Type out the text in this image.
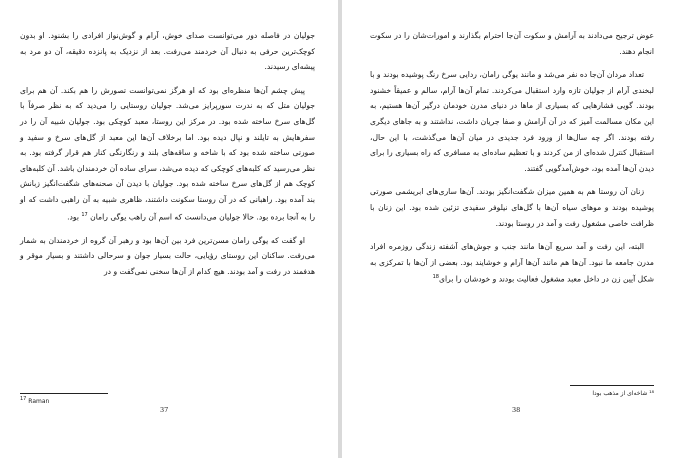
جولیان در فاصله دور می‌توانست صدای خوش، آرام و گوش‌نواز افرادی را بشنود. او بدون کوچک‌ترین حرفی به دنبال آن خردمند می‌رفت. بعد از نزدیک به پانزده دقیقه، آن دو مرد به پیشه‌ای رسیدند.

پیش چشم آن‌ها منظره‌ای بود که او هرگز نمی‌توانست تصورش را هم بکند. آن هم برای جولیان متل که به ندرت سورپرایز می‌شد. جولیان روستایی را می‌دید که به نظر صرفاً با گل‌های سرخ ساخته شده بود. در مرکز این روستا، معبد کوچکی بود. جولیان شبیه آن را در سفرهایش به تایلند و نپال دیده بود. اما برخلاف آن‌ها این معبد از گل‌های سرخ و سفید و صورتی ساخته شده بود که با شاخه و ساقه‌های بلند و رنگارنگی کنار هم قرار گرفته بود. به نظر می‌رسید که کلبه‌های کوچکی که دیده می‌شد، سرای ساده آن خردمندان باشد. آن کلبه‌های کوچک هم از گل‌های سرخ ساخته شده بود. جولیان با دیدن آن صحنه‌های شگفت‌انگیز زبانش بند آمده بود. راهبانی که در آن روستا سکونت داشتند، ظاهری شبیه به آن راهبی داشت که او را به آنجا برده بود. حالا جولیان می‌دانست که اسم آن راهب یوگی رامان $^{17}$ بود.

او گفت که یوگی رامان مسن‌ترین فرد بین آن‌ها بود و رهبر آن گروه از خردمندان به شمار می‌رفت. ساکنان این روستای رؤیایی، حالت بسیار جوان و سرحالی داشتند و بسیار موقر و هدفمند در رفت و آمد بودند. هیچ کدام از آن‌ها سخنی نمی‌گفت و در

$^{17}$ Raman
37

عوض ترجیح می‌دادند به آرامش و سکوت آن‌جا احترام بگذارند و امورات‌شان را در سکوت انجام دهند.

تعداد مردان آن‌جا ده نفر می‌شد و مانند یوگی رامان، ردایی سرخ رنگ پوشیده بودند و با لبخندی آرام از جولیان تازه وارد استقبال می‌کردند. تمام آن‌ها آرام، سالم و عمیقاً خشنود بودند. گویی فشارهایی که بسیاری از ماها در دنیای مدرن خودمان درگیر آن‌ها هستیم، به این مکان مسالمت آمیز که در آن آرامش و صفا جریان داشت، نداشتند و به جاهای دیگری رفته بودند. اگر چه سال‌ها از ورود فرد جدیدی در میان آن‌ها می‌گذشت، با این حال، استقبال کنترل شده‌ای از من کردند و با تعظیم ساده‌ای به مسافری که راه بسیاری را برای دیدن آن‌ها آمده بود، خوش‌آمدگویی گفتند.

زنان آن روستا هم به همین میزان شگفت‌انگیز بودند. آن‌ها ساری‌های ابریشمی صورتی پوشیده بودند و موهای سیاه آن‌ها با گل‌های نیلوفر سفیدی تزئین شده بود. این زنان با ظرافت خاصی مشغول رفت و آمد در روستا بودند.

البته، این رفت و آمد سریع آن‌ها مانند جنب و جوش‌های آشفته زندگی روزمره افراد مدرن جامعه ما نبود. آن‌ها هم مانند آن‌ها آرام و خوشایند بود. بعضی از آن‌ها با تمرکزی به شکل آیین زن در داخل معبد مشغول فعالیت بودند و خودشان را برای$^{18}$

¹⁸ شاخه‌ای از مذهب بودا
38
